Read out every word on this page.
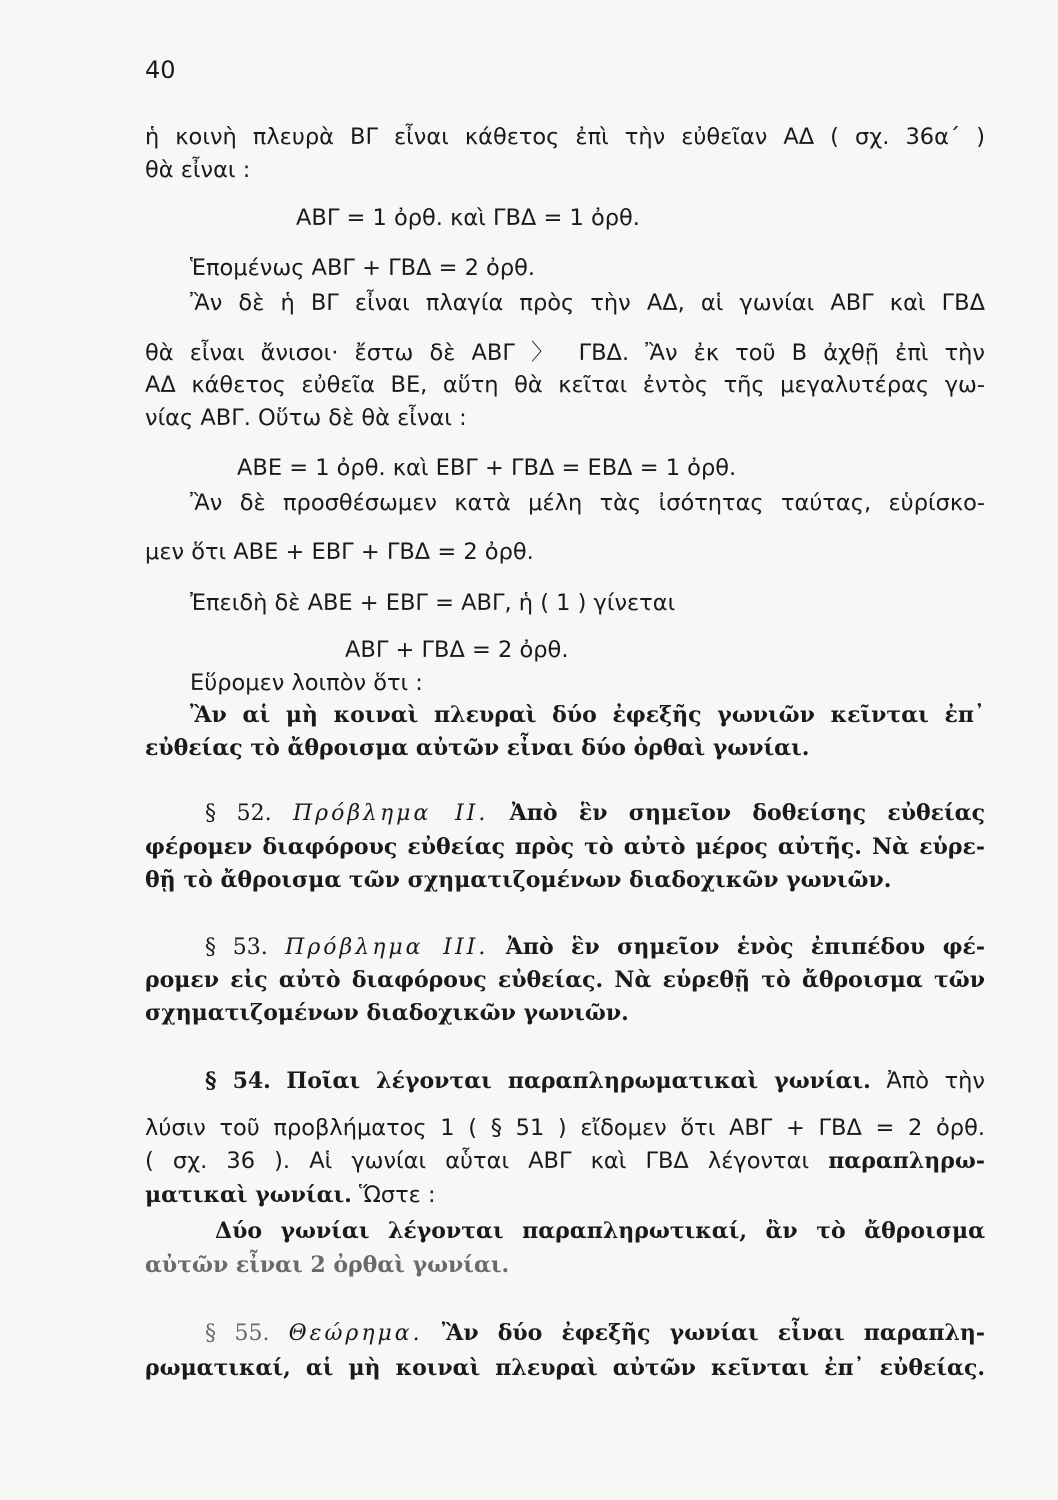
40
ἡ κοινὴ πλευρὰ ΒΓ εἶναι κάθετος ἐπὶ τὴν εὐθεῖαν ΑΔ ( σχ. 36α΄ )
θὰ εἶναι :
ΑΒΓ = 1 ὀρθ. καὶ ΓΒΔ = 1 ὀρθ.
Ἑπομένως ΑΒΓ + ΓΒΔ = 2 ὀρθ.
Ἂν δὲ ἡ ΒΓ εἶναι πλαγία πρὸς τὴν ΑΔ, αἱ γωνίαι ΑΒΓ καὶ ΓΒΔ
θὰ εἶναι ἄνισοι· ἔστω δὲ ΑΒΓ 〉 ΓΒΔ. Ἂν ἐκ τοῦ Β ἀχθῇ ἐπὶ τὴν
ΑΔ κάθετος εὐθεῖα ΒΕ, αὕτη θὰ κεῖται ἐντὸς τῆς μεγαλυτέρας γω-
νίας ΑΒΓ. Οὕτω δὲ θὰ εἶναι :
ΑΒΕ = 1 ὀρθ. καὶ ΕΒΓ + ΓΒΔ = ΕΒΔ = 1 ὀρθ.
Ἂν δὲ προσθέσωμεν κατὰ μέλη τὰς ἰσότητας ταύτας, εὑρίσκο-
μεν ὅτι ΑΒΕ + ΕΒΓ + ΓΒΔ = 2 ὀρθ.
Ἐπειδὴ δὲ ΑΒΕ + ΕΒΓ = ΑΒΓ, ἡ ( 1 ) γίνεται
ΑΒΓ + ΓΒΔ = 2 ὀρθ.
Εὕρομεν λοιπὸν ὅτι :
Ἂν αἱ μὴ κοιναὶ πλευραὶ δύο ἐφεξῆς γωνιῶν κεῖνται ἐπ᾽
εὐθείας τὸ ἄθροισμα αὐτῶν εἶναι δύο ὀρθαὶ γωνίαι.
§ 52. Πρόβλημα ΙΙ. Ἀπὸ ἓν σημεῖον δοθείσης εὐθείας
φέρομεν διαφόρους εὐθείας πρὸς τὸ αὐτὸ μέρος αὐτῆς. Νὰ εὑρε-
θῇ τὸ ἄθροισμα τῶν σχηματιζομένων διαδοχικῶν γωνιῶν.
§ 53. Πρόβλημα ΙΙΙ. Ἀπὸ ἓν σημεῖον ἑνὸς ἐπιπέδου φέ-
ρομεν εἰς αὐτὸ διαφόρους εὐθείας. Νὰ εὑρεθῇ τὸ ἄθροισμα τῶν
σχηματιζομένων διαδοχικῶν γωνιῶν.
§ 54. Ποῖαι λέγονται παραπληρωματικαὶ γωνίαι. Ἀπὸ τὴν
λύσιν τοῦ προβλήματος 1 ( § 51 ) εἴδομεν ὅτι ΑΒΓ + ΓΒΔ = 2 ὀρθ.
( σχ. 36 ). Αἱ γωνίαι αὗται ΑΒΓ καὶ ΓΒΔ λέγονται παραπληρω-
ματικαὶ γωνίαι. Ὥστε :
Δύο γωνίαι λέγονται παραπληρωτικαί, ἂν τὸ ἄθροισμα
αὐτῶν εἶναι 2 ὀρθαὶ γωνίαι.
§ 55. Θεώρημα. Ἂν δύο ἐφεξῆς γωνίαι εἶναι παραπλη-
ρωματικαί, αἱ μὴ κοιναὶ πλευραὶ αὐτῶν κεῖνται ἐπ᾽ εὐθείας.
